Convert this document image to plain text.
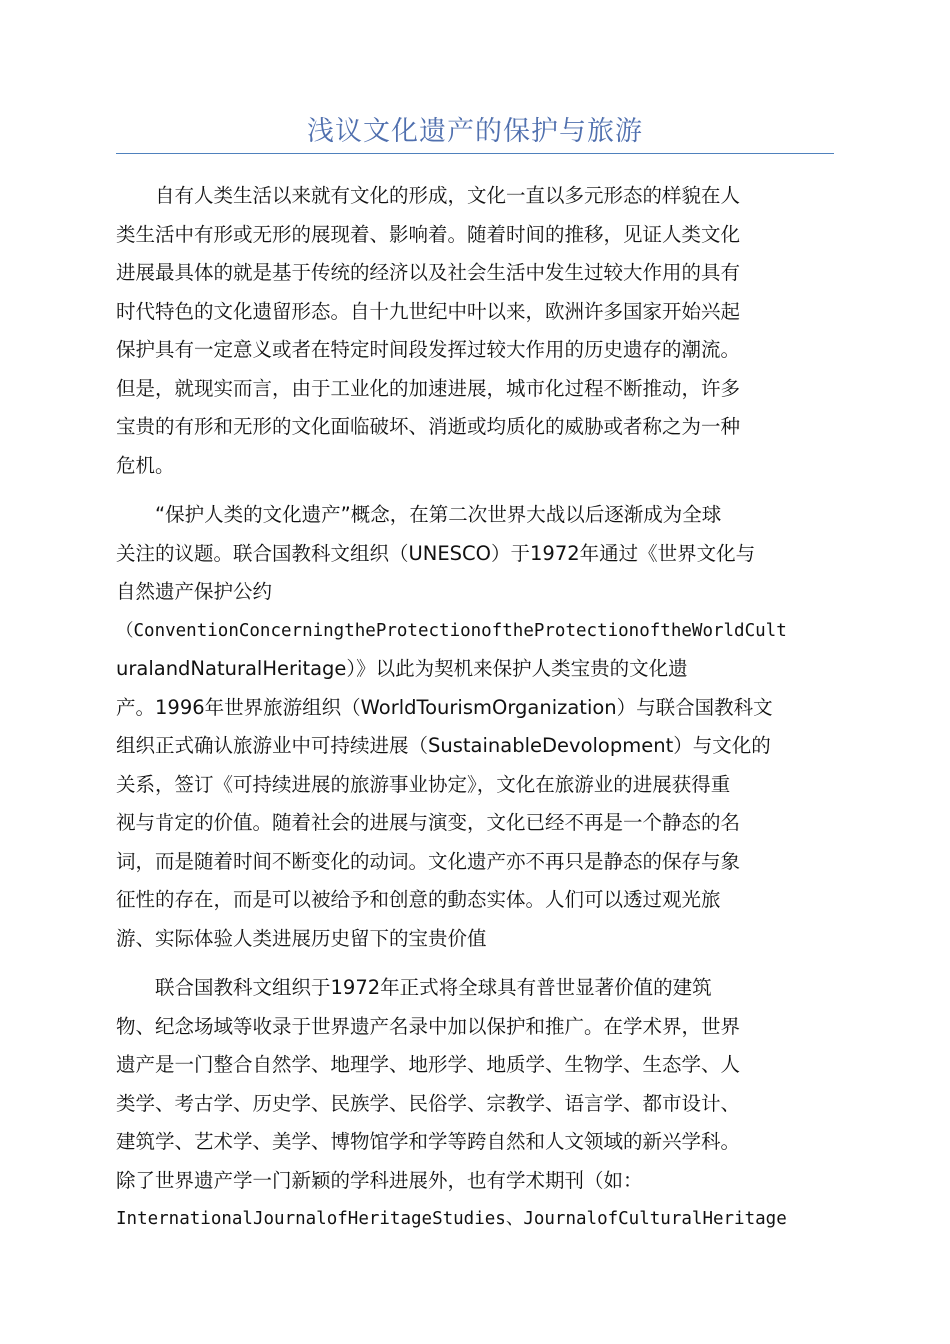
浅议文化遗产的保护与旅游
　　自有人类生活以来就有文化的形成，文化一直以多元形态的样貌在人
类生活中有形或无形的展现着、影响着。随着时间的推移，见证人类文化
进展最具体的就是基于传统的经济以及社会生活中发生过较大作用的具有
时代特色的文化遗留形态。自十九世纪中叶以来，欧洲许多国家开始兴起
保护具有一定意义或者在特定时间段发挥过较大作用的历史遗存的潮流。
但是，就现实而言，由于工业化的加速进展，城市化过程不断推动，许多
宝贵的有形和无形的文化面临破坏、消逝或均质化的威胁或者称之为一种
危机。
　　“保护人类的文化遗产”概念，在第二次世界大战以后逐渐成为全球
关注的议题。联合国教科文组织（UNESCO）于1972年通过《世界文化与
自然遗产保护公约
（ConventionConcerningtheProtectionoftheProtectionoftheWorldCult
uralandNaturalHeritage）》以此为契机来保护人类宝贵的文化遗
产。1996年世界旅游组织（WorldTourismOrganization）与联合国教科文
组织正式确认旅游业中可持续进展（SustainableDevolopment）与文化的
关系，签订《可持续进展的旅游事业协定》，文化在旅游业的进展获得重
视与肯定的价值。随着社会的进展与演变，文化已经不再是一个静态的名
词，而是随着时间不断变化的动词。文化遗产亦不再只是静态的保存与象
征性的存在，而是可以被给予和创意的動态实体。人们可以透过观光旅
游、实际体验人类进展历史留下的宝贵价值
　　联合国教科文组织于1972年正式将全球具有普世显著价值的建筑
物、纪念场域等收录于世界遗产名录中加以保护和推广。在学术界，世界
遗产是一门整合自然学、地理学、地形学、地质学、生物学、生态学、人
类学、考古学、历史学、民族学、民俗学、宗教学、语言学、都市设计、
建筑学、艺术学、美学、博物馆学和学等跨自然和人文领域的新兴学科。
除了世界遗产学一门新颖的学科进展外，也有学术期刊（如：
InternationalJournalofHeritageStudies、JournalofCulturalHeritage
